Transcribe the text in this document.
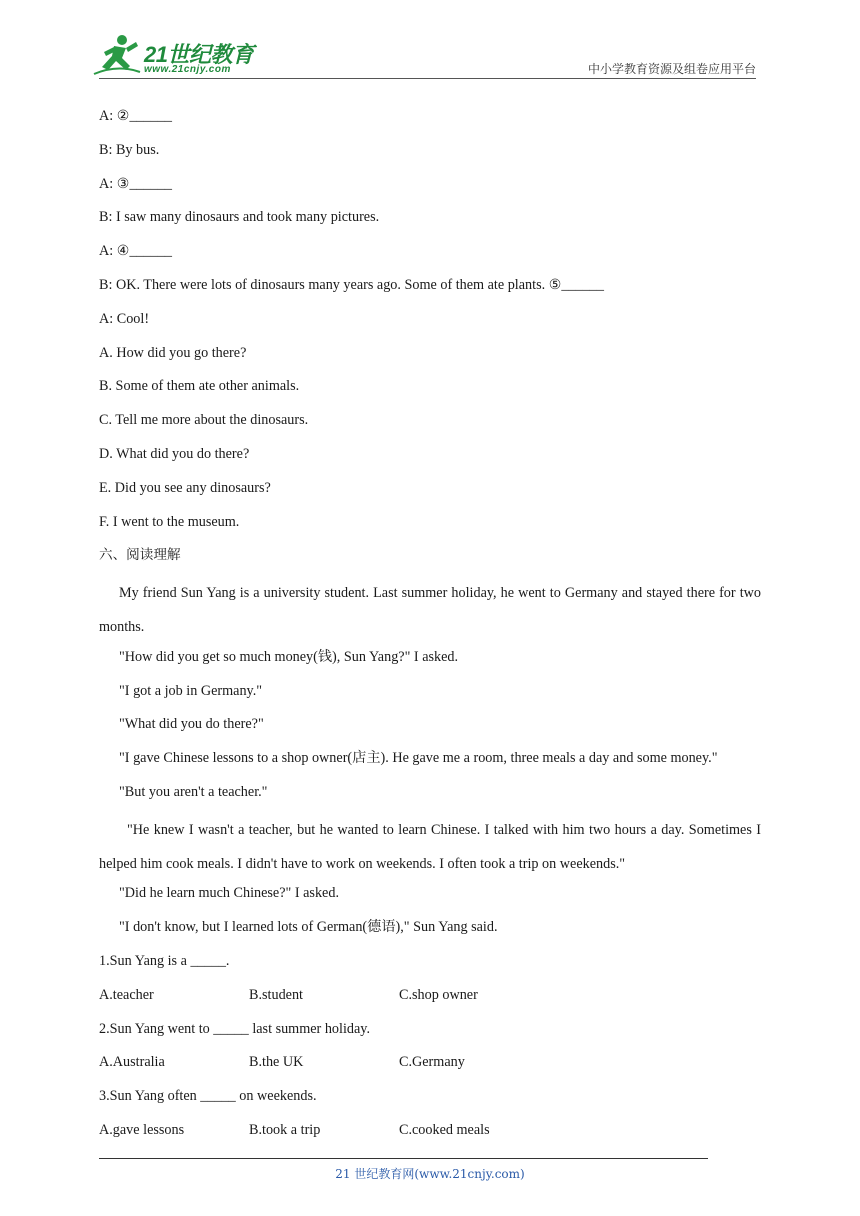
21世纪教育
www.21cnjy.com	中小学教育资源及组卷应用平台
A: ②______
B: By bus.
A: ③______
B: I saw many dinosaurs and took many pictures.
A: ④______
B: OK. There were lots of dinosaurs many years ago. Some of them ate plants. ⑤______
A: Cool!
A. How did you go there?
B. Some of them ate other animals.
C. Tell me more about the dinosaurs.
D. What did you do there?
E. Did you see any dinosaurs?
F. I went to the museum.
六、阅读理解
My friend Sun Yang is a university student. Last summer holiday, he went to Germany and stayed there for two months.
"How did you get so much money(钱), Sun Yang?" I asked.
"I got a job in Germany."
"What did you do there?"
"I gave Chinese lessons to a shop owner(店主). He gave me a room, three meals a day and some money."
"But you aren't a teacher."
"He knew I wasn't a teacher, but he wanted to learn Chinese. I talked with him two hours a day. Sometimes I helped him cook meals. I didn't have to work on weekends. I often took a trip on weekends."
"Did he learn much Chinese?" I asked.
"I don't know, but I learned lots of German(德语)," Sun Yang said.
1.Sun Yang is a _____.
A.teacher	B.student	C.shop owner
2.Sun Yang went to _____ last summer holiday.
A.Australia	B.the UK	C.Germany
3.Sun Yang often _____ on weekends.
A.gave lessons	B.took a trip	C.cooked meals
21 世纪教育网(www.21cnjy.com)
